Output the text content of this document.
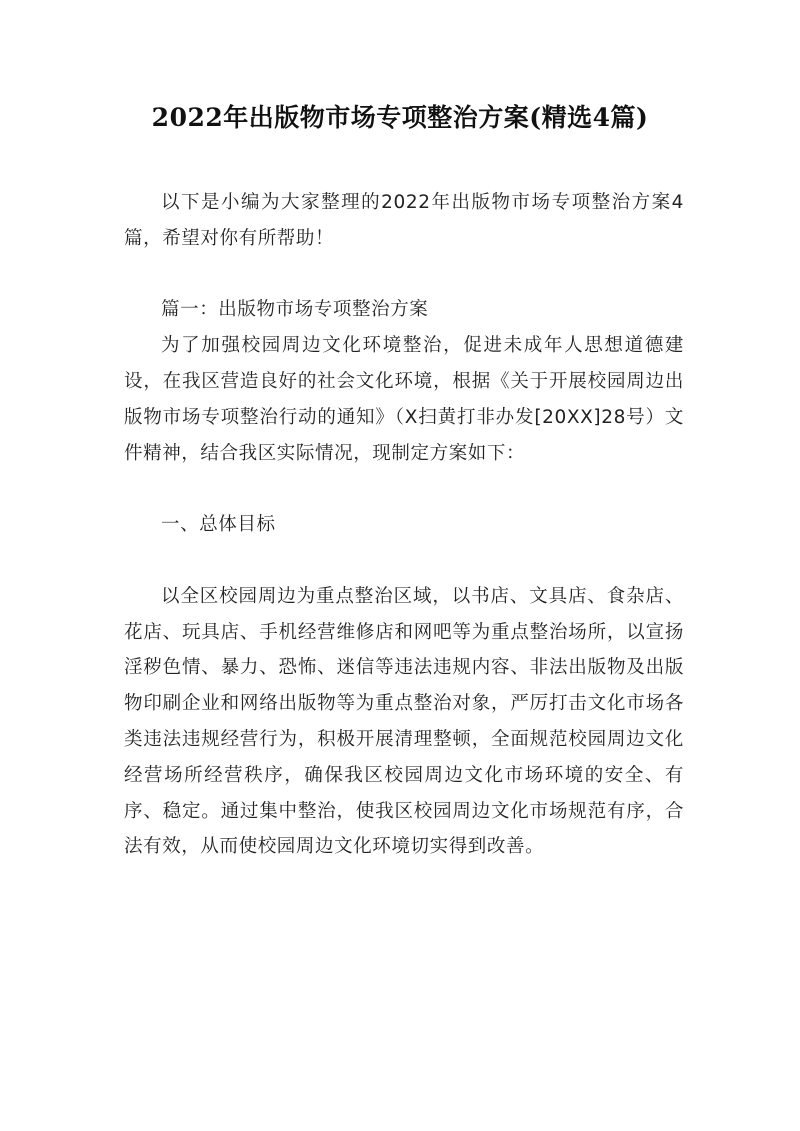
2022年出版物市场专项整治方案(精选4篇)

以下是小编为大家整理的2022年出版物市场专项整治方案4篇，希望对你有所帮助！

篇一：出版物市场专项整治方案

为了加强校园周边文化环境整治，促进未成年人思想道德建设，在我区营造良好的社会文化环境，根据《关于开展校园周边出版物市场专项整治行动的通知》（X扫黄打非办发[20XX]28号）文件精神，结合我区实际情况，现制定方案如下：

一、总体目标

以全区校园周边为重点整治区域，以书店、文具店、食杂店、花店、玩具店、手机经营维修店和网吧等为重点整治场所，以宣扬淫秽色情、暴力、恐怖、迷信等违法违规内容、非法出版物及出版物印刷企业和网络出版物等为重点整治对象，严厉打击文化市场各类违法违规经营行为，积极开展清理整顿，全面规范校园周边文化经营场所经营秩序，确保我区校园周边文化市场环境的安全、有序、稳定。通过集中整治，使我区校园周边文化市场规范有序，合法有效，从而使校园周边文化环境切实得到改善。
